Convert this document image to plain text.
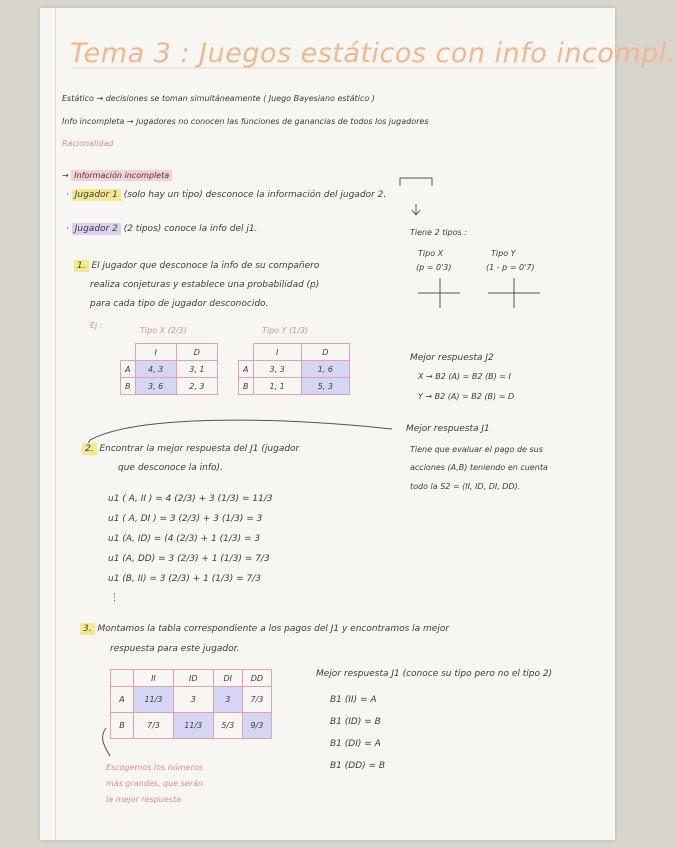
Tema 3 : Juegos estáticos con info incompl.
Estático → decisiones se toman simultáneamente ( Juego Bayesiano estático )
Info incompleta → jugadores no conocen las funciones de ganancias de todos los jugadores
Racionalidad
→ Información incompleta
· Jugador 1 (solo hay un tipo) desconoce la información del jugador 2.
· Jugador 2 (2 tipos) conoce la info del j1.	Tiene 2 tipos :
Tipo X
(p = 0'3)
Tipo Y
(1 - p = 0'7)
1. El jugador que desconoce la info de su compañero
realiza conjeturas y establece una probabilidad (p)
para cada tipo de jugador desconocido.
Ej :
Tipo X (2/3)	Tipo Y (1/3)
	I	D
A	4, 3	3, 1
B	3, 6	2, 3
	I	D
A	3, 3	1, 6
B	1, 1	5, 3
Mejor respuesta J2
X → B2 (A) = B2 (B) = I
Y → B2 (A) = B2 (B) = D
Mejor respuesta J1
Tiene que evaluar el pago de sus
acciones (A,B) teniendo en cuenta
todo la S2 = (II, ID, DI, DD).
2. Encontrar la mejor respuesta del J1 (jugador
que desconoce la info).
u1 ( A, II ) = 4 (2/3) + 3 (1/3) = 11/3
u1 ( A, DI ) = 3 (2/3) + 3 (1/3) = 3
u1 (A, ID) = (4 (2/3) + 1 (1/3) = 3
u1 (A, DD) = 3 (2/3) + 1 (1/3) = 7/3
u1 (B, II) = 3 (2/3) + 1 (1/3) = 7/3
⋮
3. Montamos la tabla correspondiente a los pagos del J1 y encontramos la mejor
respuesta para este jugador.
	II	ID	DI	DD
A	11/3	3	3	7/3
B	7/3	11/3	5/3	9/3
Mejor respuesta J1 (conoce su tipo pero no el tipo 2)
B1 (II) = A
B1 (ID) = B
B1 (DI) = A
B1 (DD) = B
Escogemos los números
más grandes, que serán
la mejor respuesta
